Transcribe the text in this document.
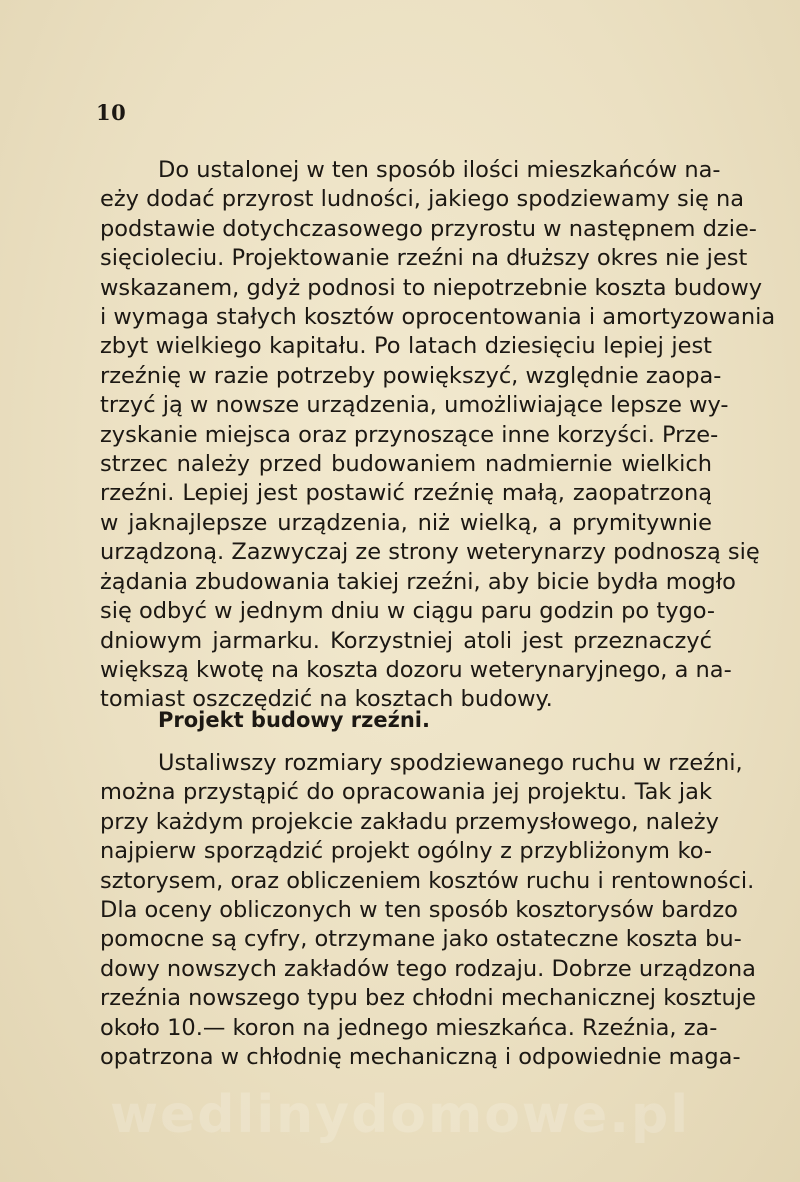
10
Do ustalonej w ten sposób ilości mieszkańców na-
eży dodać przyrost ludności, jakiego spodziewamy się na
podstawie dotychczasowego przyrostu w następnem dzie-
sięcioleciu. Projektowanie rzeźni na dłuższy okres nie jest
wskazanem, gdyż podnosi to niepotrzebnie koszta budowy
i wymaga stałych kosztów oprocentowania i amortyzowania
zbyt wielkiego kapitału. Po latach dziesięciu lepiej jest
rzeźnię w razie potrzeby powiększyć, względnie zaopa-
trzyć ją w nowsze urządzenia, umożliwiające lepsze wy-
zyskanie miejsca oraz przynoszące inne korzyści. Prze-
strzec należy przed budowaniem nadmiernie wielkich
rzeźni. Lepiej jest postawić rzeźnię małą, zaopatrzoną
w jaknajlepsze urządzenia, niż wielką, a prymitywnie
urządzoną. Zazwyczaj ze strony weterynarzy podnoszą się
żądania zbudowania takiej rzeźni, aby bicie bydła mogło
się odbyć w jednym dniu w ciągu paru godzin po tygo-
dniowym jarmarku. Korzystniej atoli jest przeznaczyć
większą kwotę na koszta dozoru weterynaryjnego, a na-
tomiast oszczędzić na kosztach budowy.
Projekt budowy rzeźni.
Ustaliwszy rozmiary spodziewanego ruchu w rzeźni,
można przystąpić do opracowania jej projektu. Tak jak
przy każdym projekcie zakładu przemysłowego, należy
najpierw sporządzić projekt ogólny z przybliżonym ko-
sztorysem, oraz obliczeniem kosztów ruchu i rentowności.
Dla oceny obliczonych w ten sposób kosztorysów bardzo
pomocne są cyfry, otrzymane jako ostateczne koszta bu-
dowy nowszych zakładów tego rodzaju. Dobrze urządzona
rzeźnia nowszego typu bez chłodni mechanicznej kosztuje
około 10.— koron na jednego mieszkańca. Rzeźnia, za-
opatrzona w chłodnię mechaniczną i odpowiednie maga-
wedlinydomowe.pl
